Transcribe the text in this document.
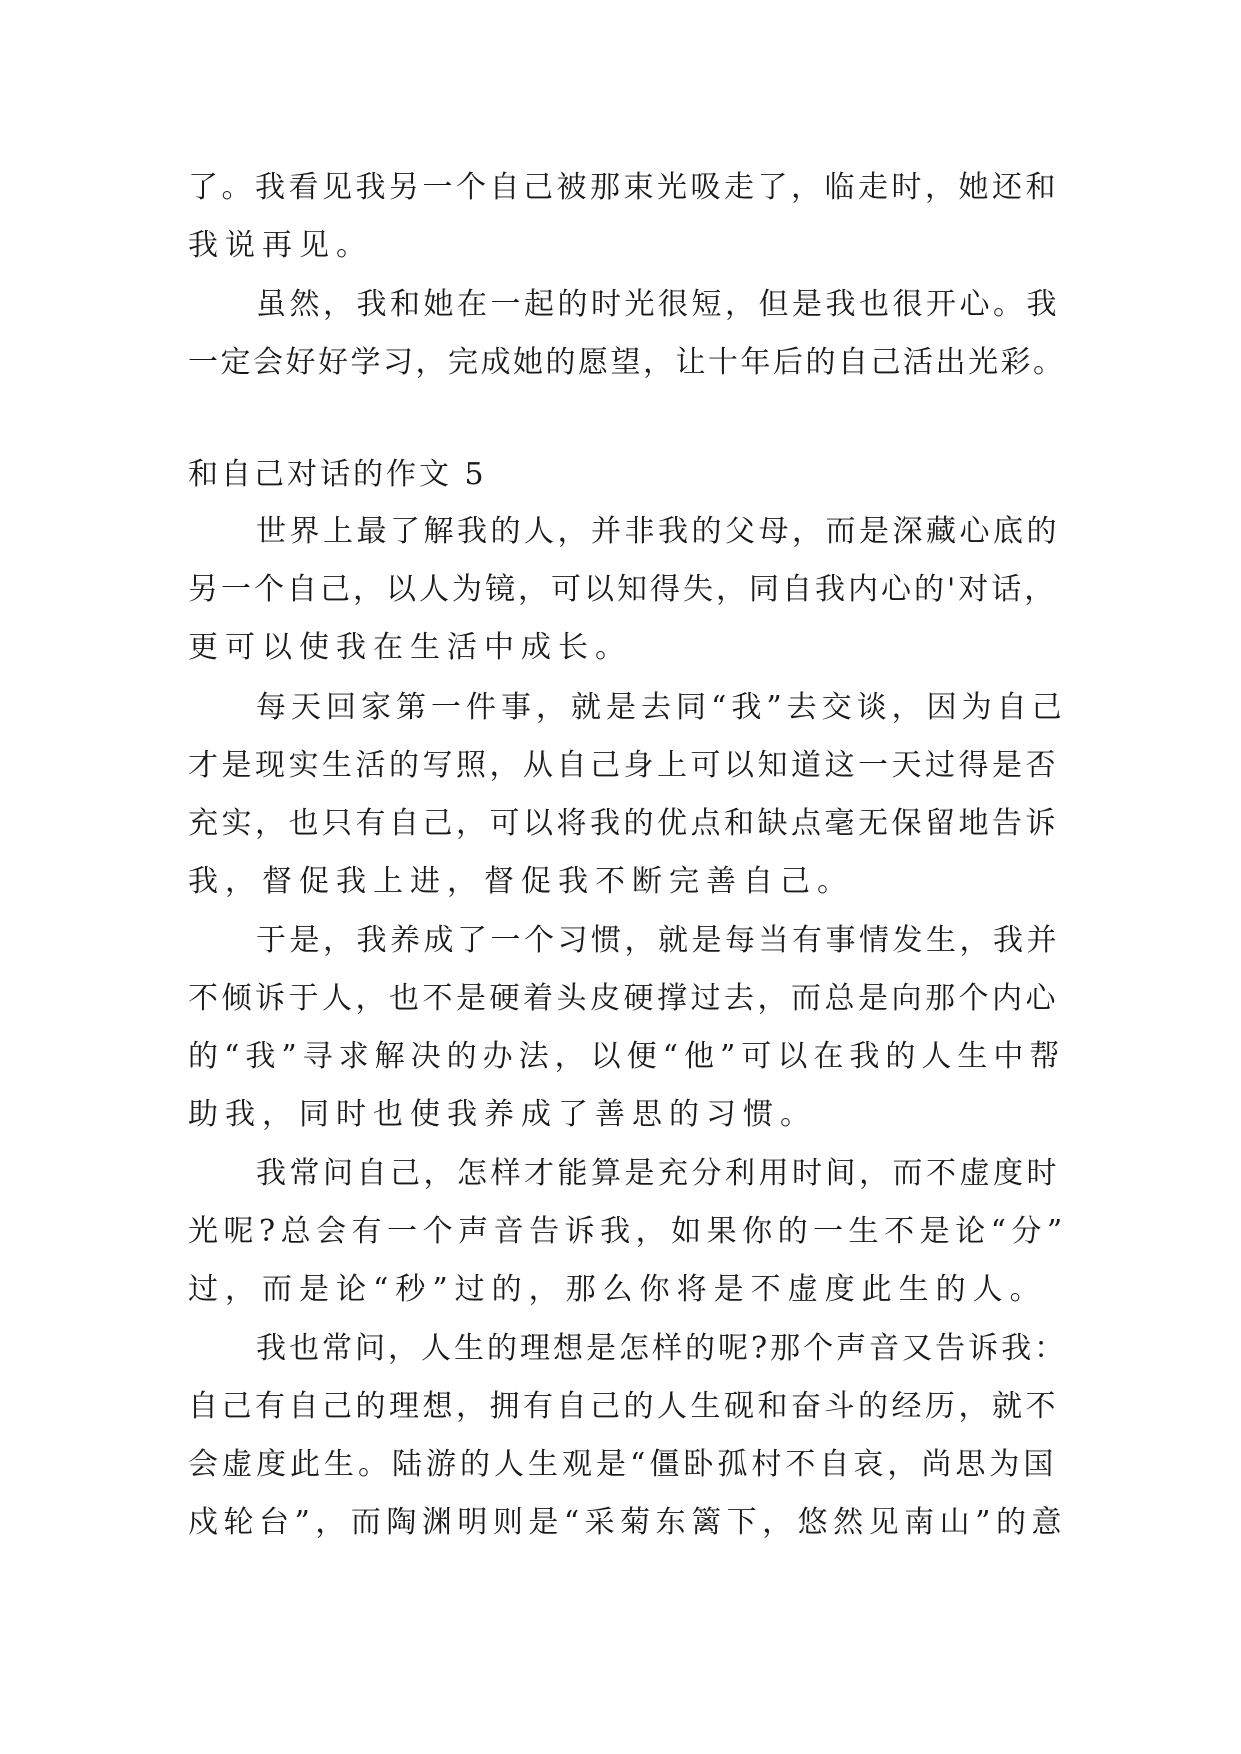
了。我看见我另一个自己被那束光吸走了，临走时，她还和
我说再见。
虽然，我和她在一起的时光很短，但是我也很开心。我
一定会好好学习，完成她的愿望，让十年后的自己活出光彩。
和自己对话的作文 5
世界上最了解我的人，并非我的父母，而是深藏心底的
另一个自己，以人为镜，可以知得失，同自我内心的'对话，
更可以使我在生活中成长。
每天回家第一件事，就是去同“我”去交谈，因为自己
才是现实生活的写照，从自己身上可以知道这一天过得是否
充实，也只有自己，可以将我的优点和缺点毫无保留地告诉
我，督促我上进，督促我不断完善自己。
于是，我养成了一个习惯，就是每当有事情发生，我并
不倾诉于人，也不是硬着头皮硬撑过去，而总是向那个内心
的“我”寻求解决的办法，以便“他”可以在我的人生中帮
助我，同时也使我养成了善思的习惯。
我常问自己，怎样才能算是充分利用时间，而不虚度时
光呢?总会有一个声音告诉我，如果你的一生不是论“分”
过，而是论“秒”过的，那么你将是不虚度此生的人。
我也常问，人生的理想是怎样的呢?那个声音又告诉我：
自己有自己的理想，拥有自己的人生砚和奋斗的经历，就不
会虚度此生。陆游的人生观是“僵卧孤村不自哀，尚思为国
戍轮台”，而陶渊明则是“采菊东篱下，悠然见南山”的意
